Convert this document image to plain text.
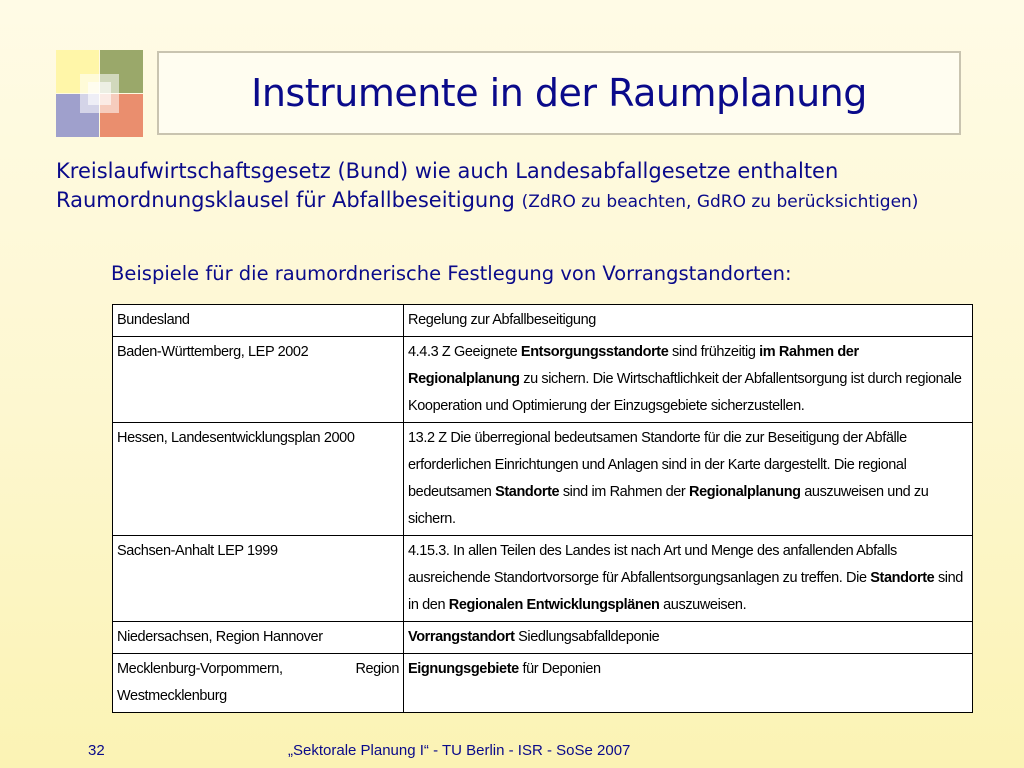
Instrumente in der Raumplanung
Kreislaufwirtschaftsgesetz (Bund) wie auch Landesabfallgesetze enthalten Raumordnungsklausel für Abfallbeseitigung (ZdRO zu beachten, GdRO zu berücksichtigen)
Beispiele für die raumordnerische Festlegung von Vorrangstandorten:
Bundesland	Regelung zur Abfallbeseitigung
Baden-Württemberg, LEP 2002	4.4.3 Z Geeignete Entsorgungsstandorte sind frühzeitig im Rahmen der Regionalplanung zu sichern. Die Wirtschaftlichkeit der Abfallentsorgung ist durch regionale Kooperation und Optimierung der Einzugsgebiete sicherzustellen.
Hessen, Landesentwicklungsplan 2000	13.2 Z Die überregional bedeutsamen Standorte für die zur Beseitigung der Abfälle erforderlichen Einrichtungen und Anlagen sind in der Karte dargestellt. Die regional bedeutsamen Standorte sind im Rahmen der Regionalplanung auszuweisen und zu sichern.
Sachsen-Anhalt LEP 1999	4.15.3. In allen Teilen des Landes ist nach Art und Menge des anfallenden Abfalls ausreichende Standortvorsorge für Abfallentsorgungsanlagen zu treffen. Die Standorte sind in den Regionalen Entwicklungsplänen auszuweisen.
Niedersachsen, Region Hannover	Vorrangstandort Siedlungsabfalldeponie
Mecklenburg-Vorpommern, Region Westmecklenburg	Eignungsgebiete für Deponien
32	„Sektorale Planung I“ - TU Berlin - ISR - SoSe 2007
